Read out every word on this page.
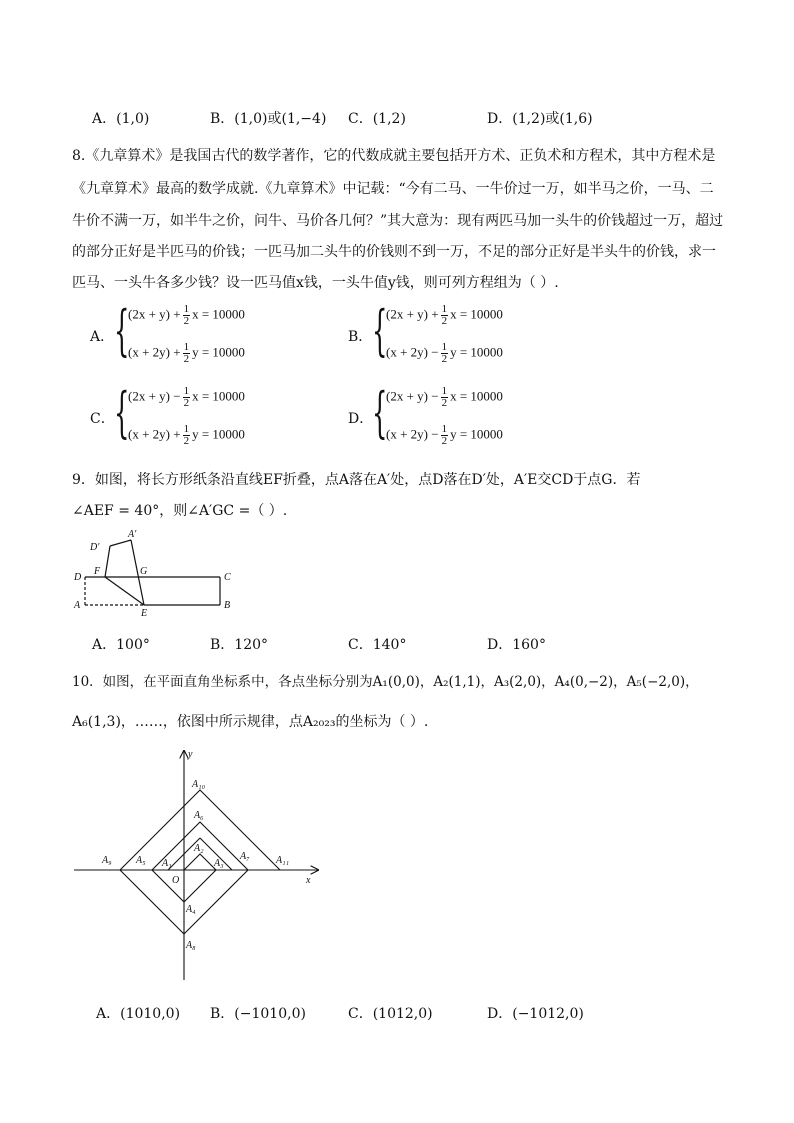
A．(1,0)	B．(1,0)或(1,−4) C．(1,2)	D．(1,2)或(1,6)
8.《九章算术》是我国古代的数学著作，它的代数成就主要包括开方术、正负术和方程术，其中方程术是
《九章算术》最高的数学成就.《九章算术》中记载：“今有二马、一牛价过一万，如半马之价，一马、二
牛价不满一万，如半牛之价，问牛、马价各几何？”其大意为：现有两匹马加一头牛的价钱超过一万，超过
的部分正好是半匹马的价钱；一匹马加二头牛的价钱则不到一万，不足的部分正好是半头牛的价钱，求一
匹马、一头牛各多少钱？设一匹马值x钱，一头牛值y钱，则可列方程组为（ ）.
A． {
$(2x + y) + \frac{1}{2}$ x = 10000
$(x + 2y) + \frac{1}{2}$ y = 10000
B． {
$(2x + y) + \frac{1}{2}$ x = 10000
$(x + 2y) - \frac{1}{2}$ y = 10000
C． {
$(2x + y) - \frac{1}{2}$ x = 10000
$(x + 2y) + \frac{1}{2}$ y = 10000
D．
{
$(2x + y) - \frac{1}{2}$ x = 10000
$(x + 2y) - \frac{1}{2}$ y = 10000
9．如图，将长方形纸条沿直线EF折叠，点A落在A′处，点D落在D′处，A′E交CD于点G．若
∠AEF = 40°，则∠A′GC =（ ）.
D′
A′
F	G
C
D
A
E
B
A．100°	B．120°	C．140°	D．160°
10．如图，在平面直角坐标系中，各点坐标分别为A₁(0,0)，A₂(1,1)，A₃(2,0)，A₄(0,−2)，A₅(−2,0)，
A₆(1,3)，……，依图中所示规律，点A₂₀₂₃的坐标为（ ）.
y
x
O
A₁
A₂
A₃
A₄
A₅
A₆
A₇
A₈
A₉
A₁₀
A₁₁
A．(1010,0) B．(−1010,0)	C．(1012,0)	D．(−1012,0)
